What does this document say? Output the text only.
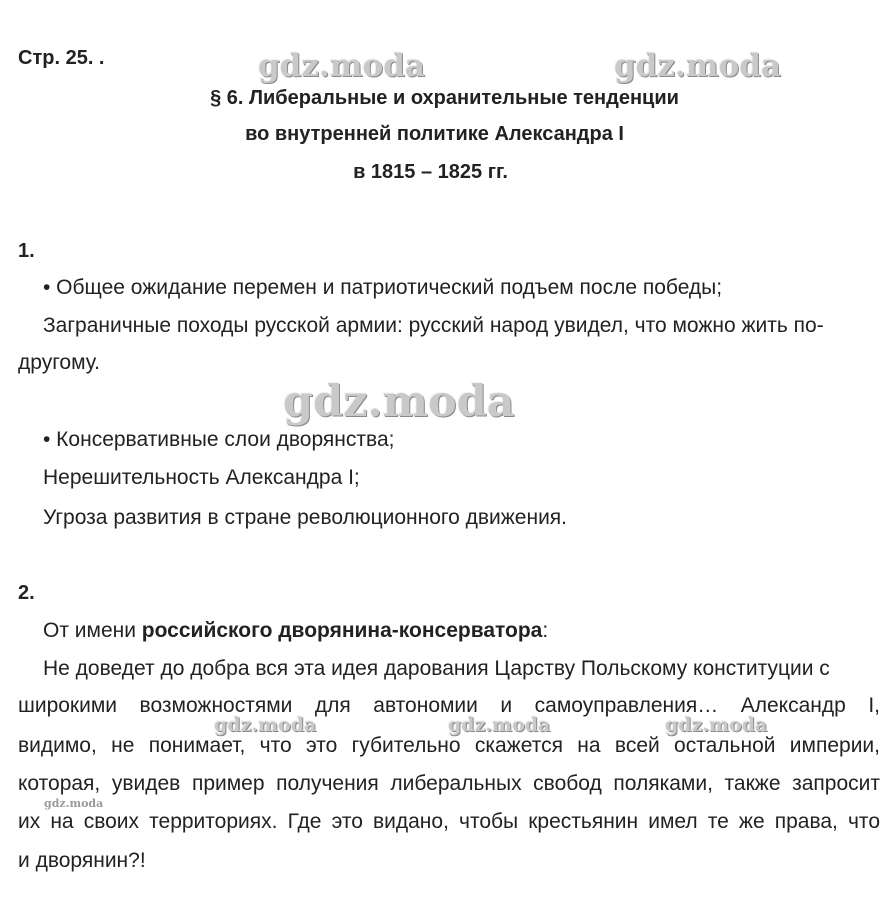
Стр. 25. .	gdz.moda	gdz.moda
§ 6. Либеральные и охранительные тенденции
во внутренней политике Александра I
в 1815 – 1825 гг.
1.
• Общее ожидание перемен и патриотический подъем после победы;
Заграничные походы русской армии: русский народ увидел, что можно жить по-
другому.
gdz.moda
• Консервативные слои дворянства;
Нерешительность Александра I;
Угроза развития в стране революционного движения.
2.
От имени российского дворянина-консерватора:
Не доведет до добра вся эта идея дарования Царству Польскому конституции с
широкими возможностями для автономии и самоуправления… Александр I,
gdz.moda	gdz.moda	gdz.moda
видимо, не понимает, что это губительно скажется на всей остальной империи,
которая, увидев пример получения либеральных свобод поляками, также запросит
gdz.moda
их на своих территориях. Где это видано, чтобы крестьянин имел те же права, что
и дворянин?!
